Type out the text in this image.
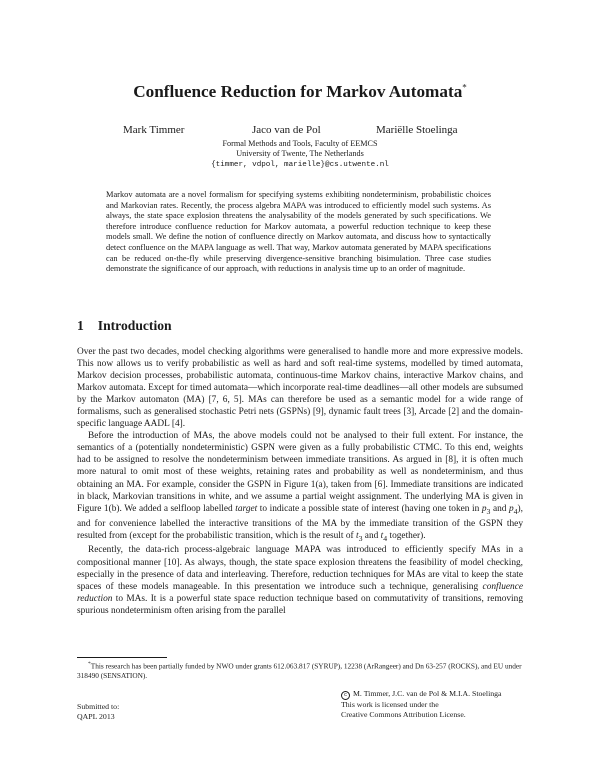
Confluence Reduction for Markov Automata*
Mark Timmer	Jaco van de Pol	Mariëlle Stoelinga
Formal Methods and Tools, Faculty of EEMCS
University of Twente, The Netherlands
{timmer, vdpol, marielle}@cs.utwente.nl
Markov automata are a novel formalism for specifying systems exhibiting nondeterminism, probabilistic choices and Markovian rates. Recently, the process algebra MAPA was introduced to efficiently model such systems. As always, the state space explosion threatens the analysability of the models generated by such specifications. We therefore introduce confluence reduction for Markov automata, a powerful reduction technique to keep these models small. We define the notion of confluence directly on Markov automata, and discuss how to syntactically detect confluence on the MAPA language as well. That way, Markov automata generated by MAPA specifications can be reduced on-the-fly while preserving divergence-sensitive branching bisimulation. Three case studies demonstrate the significance of our approach, with reductions in analysis time up to an order of magnitude.
1 Introduction

Over the past two decades, model checking algorithms were generalised to handle more and more expressive models. This now allows us to verify probabilistic as well as hard and soft real-time systems, modelled by timed automata, Markov decision processes, probabilistic automata, continuous-time Markov chains, interactive Markov chains, and Markov automata. Except for timed automata—which incorporate real-time deadlines—all other models are subsumed by the Markov automaton (MA) [7, 6, 5]. MAs can therefore be used as a semantic model for a wide range of formalisms, such as generalised stochastic Petri nets (GSPNs) [9], dynamic fault trees [3], Arcade [2] and the domain-specific language AADL [4].

Before the introduction of MAs, the above models could not be analysed to their full extent. For instance, the semantics of a (potentially nondeterministic) GSPN were given as a fully probabilistic CTMC. To this end, weights had to be assigned to resolve the nondeterminism between immediate transitions. As argued in [8], it is often much more natural to omit most of these weights, retaining rates and probability as well as nondeterminism, and thus obtaining an MA. For example, consider the GSPN in Figure 1(a), taken from [6]. Immediate transitions are indicated in black, Markovian transitions in white, and we assume a partial weight assignment. The underlying MA is given in Figure 1(b). We added a selfloop labelled target to indicate a possible state of interest (having one token in $p_3$ and $p_4$), and for convenience labelled the interactive transitions of the MA by the immediate transition of the GSPN they resulted from (except for the probabilistic transition, which is the result of $t_3$ and $t_4$ together).

Recently, the data-rich process-algebraic language MAPA was introduced to efficiently specify MAs in a compositional manner [10]. As always, though, the state space explosion threatens the feasibility of model checking, especially in the presence of data and interleaving. Therefore, reduction techniques for MAs are vital to keep the state spaces of these models manageable. In this presentation we introduce such a technique, generalising confluence reduction to MAs. It is a powerful state space reduction technique based on commutativity of transitions, removing spurious nondeterminism often arising from the parallel

*This research has been partially funded by NWO under grants 612.063.817 (SYRUP), 12238 (ArRangeer) and Dn 63-257 (ROCKS), and EU under 318490 (SENSATION).
Submitted to:
QAPL 2013
c M. Timmer, J.C. van de Pol & M.I.A. Stoelinga
This work is licensed under the
Creative Commons Attribution License.
